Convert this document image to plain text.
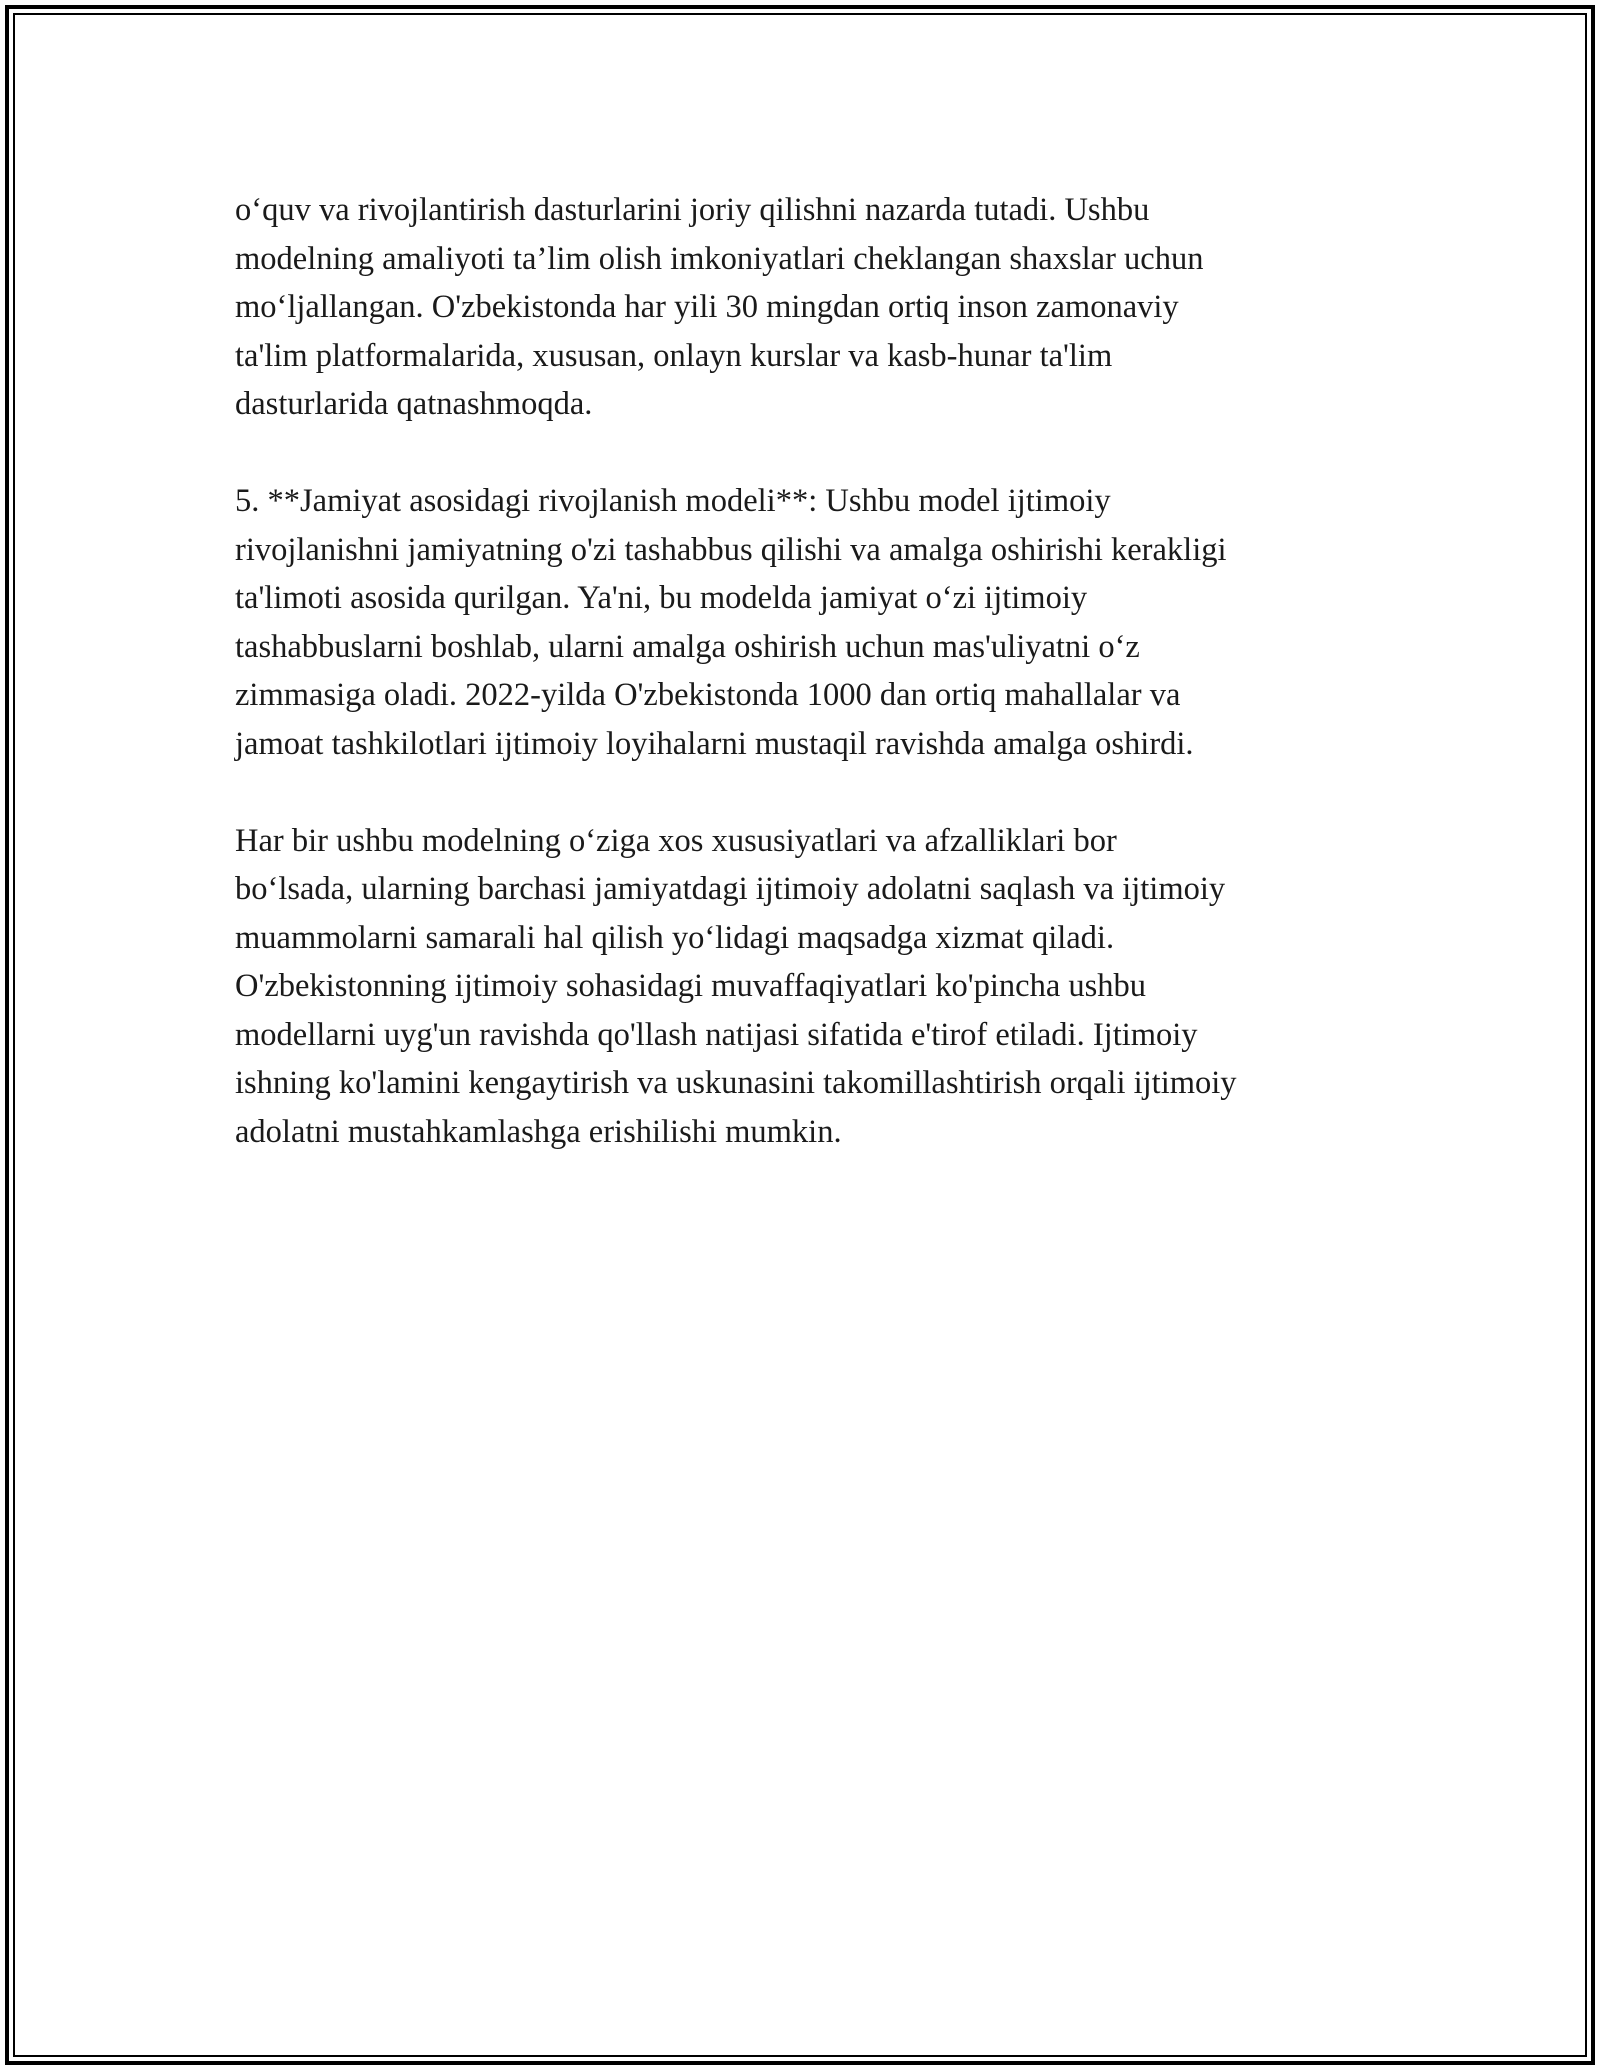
o‘quv va rivojlantirish dasturlarini joriy qilishni nazarda tutadi. Ushbu
modelning amaliyoti ta’lim olish imkoniyatlari cheklangan shaxslar uchun
mo‘ljallangan. O'zbekistonda har yili 30 mingdan ortiq inson zamonaviy
ta'lim platformalarida, xususan, onlayn kurslar va kasb-hunar ta'lim
dasturlarida qatnashmoqda.

5. **Jamiyat asosidagi rivojlanish modeli**: Ushbu model ijtimoiy
rivojlanishni jamiyatning o'zi tashabbus qilishi va amalga oshirishi kerakligi
ta'limoti asosida qurilgan. Ya'ni, bu modelda jamiyat o‘zi ijtimoiy
tashabbuslarni boshlab, ularni amalga oshirish uchun mas'uliyatni o‘z
zimmasiga oladi. 2022-yilda O'zbekistonda 1000 dan ortiq mahallalar va
jamoat tashkilotlari ijtimoiy loyihalarni mustaqil ravishda amalga oshirdi.

Har bir ushbu modelning o‘ziga xos xususiyatlari va afzalliklari bor
bo‘lsada, ularning barchasi jamiyatdagi ijtimoiy adolatni saqlash va ijtimoiy
muammolarni samarali hal qilish yo‘lidagi maqsadga xizmat qiladi.
O'zbekistonning ijtimoiy sohasidagi muvaffaqiyatlari ko'pincha ushbu
modellarni uyg'un ravishda qo'llash natijasi sifatida e'tirof etiladi. Ijtimoiy
ishning ko'lamini kengaytirish va uskunasini takomillashtirish orqali ijtimoiy
adolatni mustahkamlashga erishilishi mumkin.
